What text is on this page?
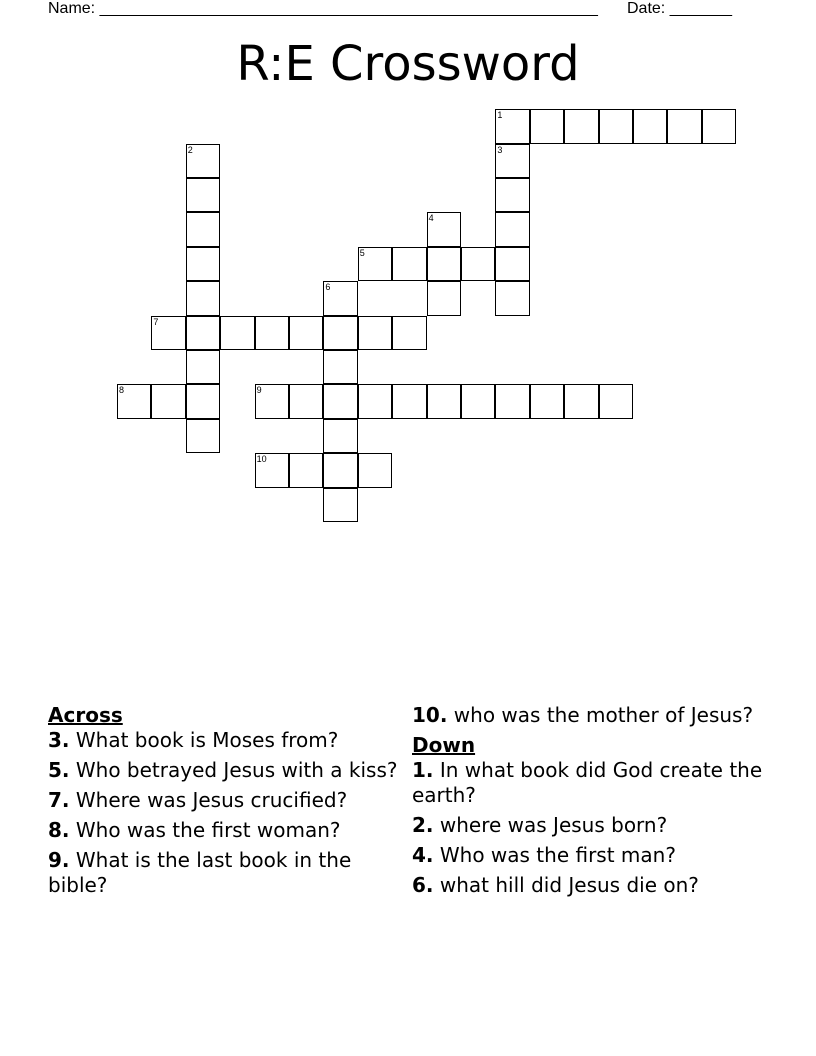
Name: ________________________________________________________ Date: _______
R:E Crossword
1
3
2
4
5
6
7
8	9
10
Across
3. What book is Moses from?
5. Who betrayed Jesus with a kiss?
7. Where was Jesus crucified?
8. Who was the first woman?
9. What is the last book in the bible?
10. who was the mother of Jesus?
Down
1. In what book did God create the earth?
2. where was Jesus born?
4. Who was the first man?
6. what hill did Jesus die on?
